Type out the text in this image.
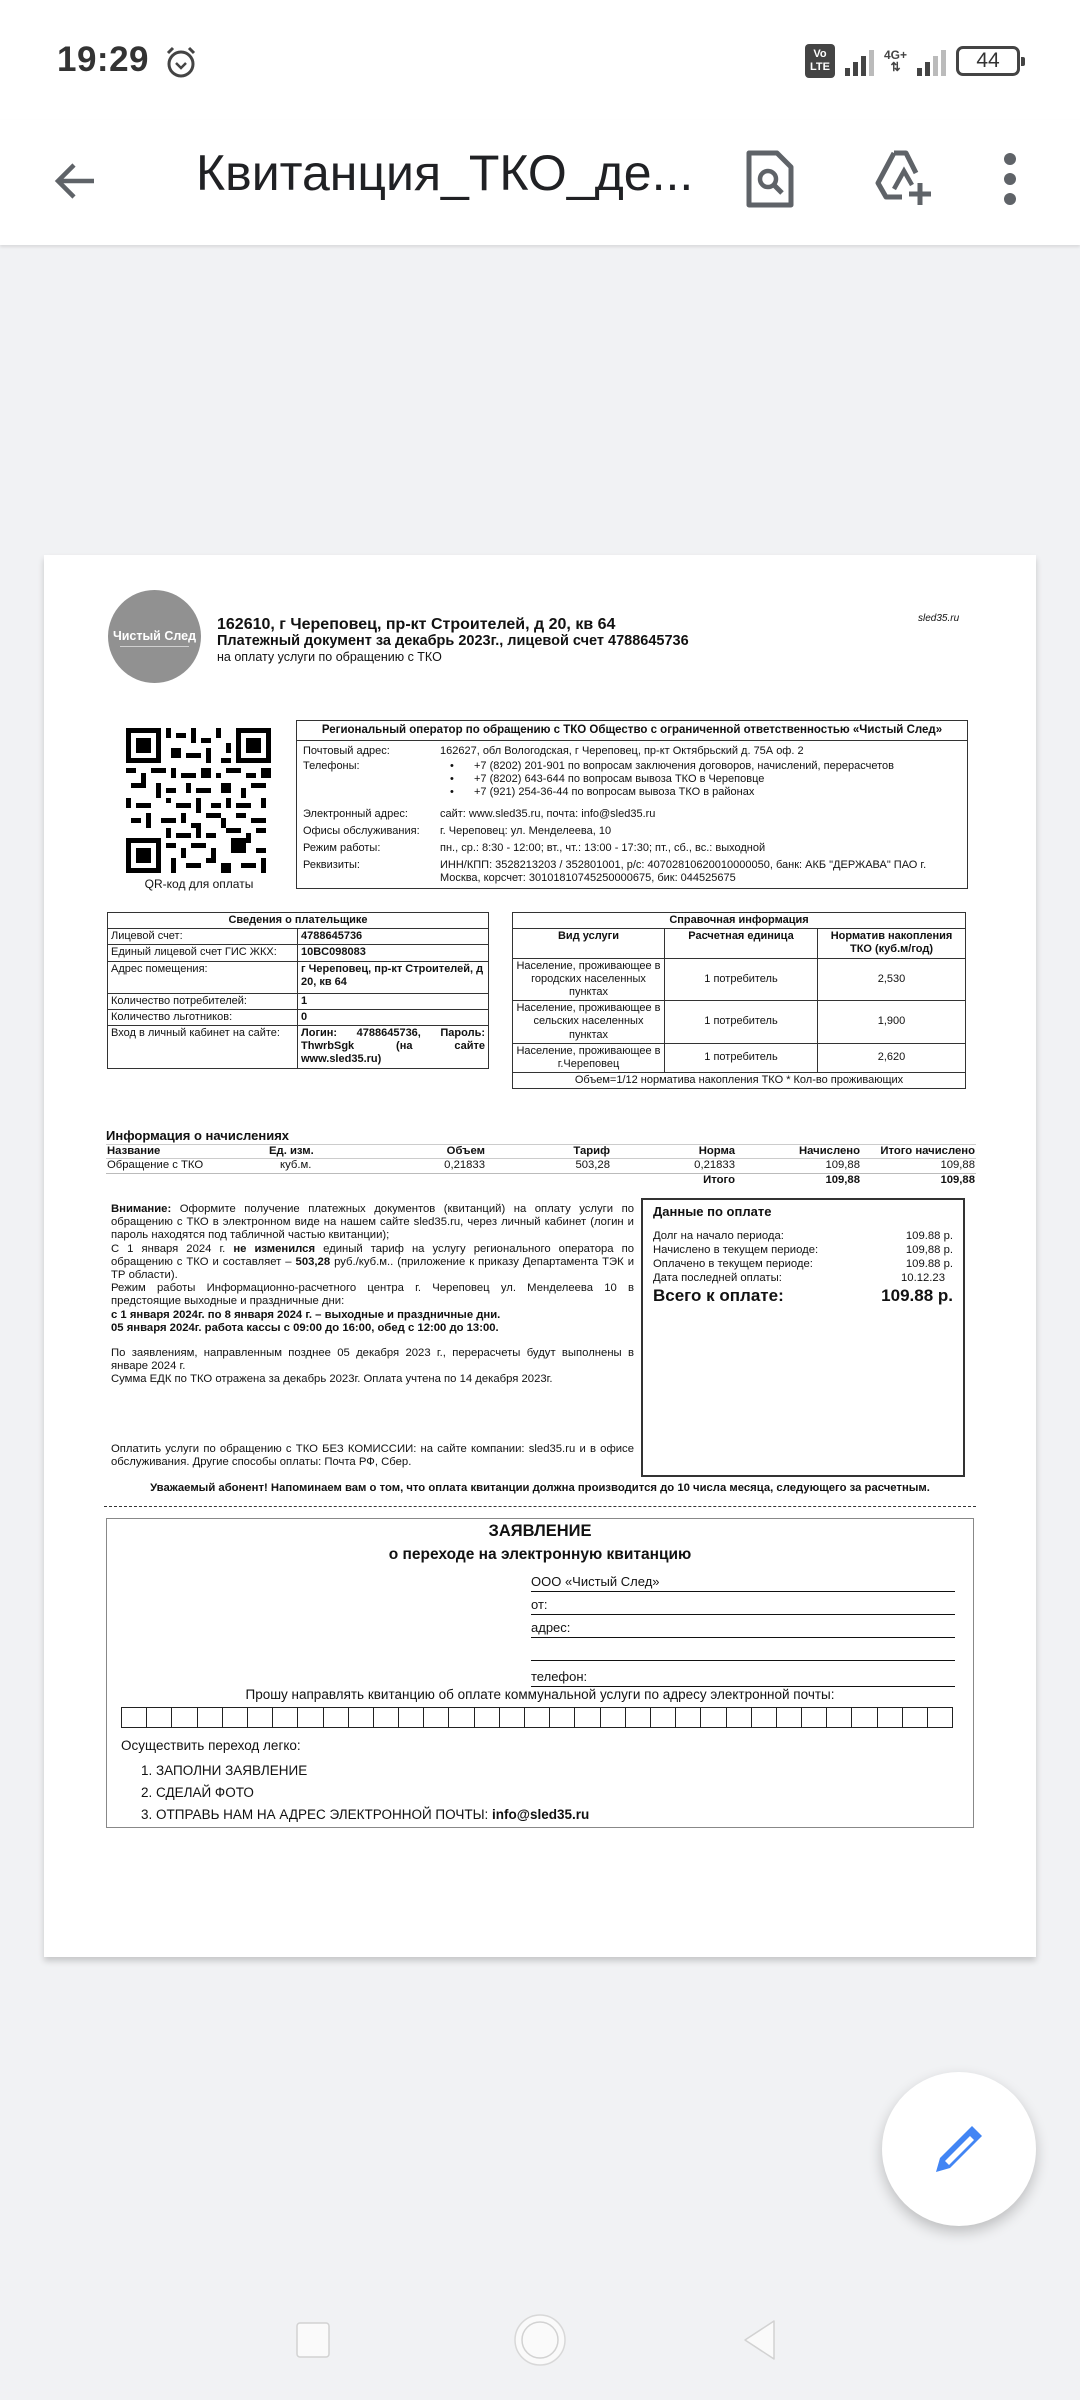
19:29	Vo
LTE
4G+
⇅	44
Квитанция_ТКО_де...
Чистый След
162610, г Череповец, пр-кт Строителей, д 20, кв 64
Платежный документ за декабрь 2023г., лицевой счет 4788645736
на оплату услуги по обращению с ТКО
sled35.ru
QR-код для оплаты
Региональный оператор по обращению с ТКО Общество с ограниченной ответственностью «Чистый След»
Почтовый адрес:	162627, обл Вологодская, г Череповец, пр-кт Октябрьский д. 75А оф. 2
Телефоны:	• +7 (8202) 201-901 по вопросам заключения договоров, начислений, перерасчетов
• +7 (8202) 643-644 по вопросам вывоза ТКО в Череповце
• +7 (921) 254-36-44 по вопросам вывоза ТКО в районах
Электронный адрес:	сайт: www.sled35.ru, почта: info@sled35.ru
Офисы обслуживания:	г. Череповец: ул. Менделеева, 10
Режим работы:	пн., ср.: 8:30 - 12:00; вт., чт.: 13:00 - 17:30; пт., сб., вс.: выходной
Реквизиты:	ИНН/КПП: 3528213203 / 352801001, р/с: 40702810620010000050, банк: АКБ "ДЕРЖАВА" ПАО г. Москва, корсчет: 30101810745250000675, бик: 044525675
Сведения о плательщике	
Лицевой счет:	4788645736
Единый лицевой счет ГИС ЖКХ:	10BC098083
Адрес помещения:	г Череповец, пр-кт Строителей, д 20, кв 64
Количество потребителей:	1
Количество льготников:	0
Вход в личный кабинет на сайте:	Логин: 4788645736, Пароль: ThwrbSgk (на сайте www.sled35.ru)
Справочная информация		
Вид услуги	Расчетная единица	Норматив накопления ТКО (куб.м/год)
Население, проживающее в городских населенных пунктах	1 потребитель	2,530
Население, проживающее в сельских населенных пунктах	1 потребитель	1,900
Население, проживающее в г.Череповец	1 потребитель	2,620
Объем=1/12 норматива накопления ТКО * Кол-во проживающих		
Информация о начислениях
Название	Ед. изм.	Объем	Тариф	Норма	Начислено	Итого начислено
Обращение с ТКО	куб.м.	0,21833	503,28	0,21833	109,88	109,88
				Итого	109,88	109,88

Внимание: Оформите получение платежных документов (квитанций) на оплату услуги по обращению с ТКО в электронном виде на нашем сайте sled35.ru, через личный кабинет (логин и пароль находятся под табличной частью квитанции);

С 1 января 2024 г. не изменился единый тариф на услугу регионального оператора по обращению с ТКО и составляет – 503,28 руб./куб.м.. (приложение к приказу Департамента ТЭК и ТР области).

Режим работы Информационно-расчетного центра г. Череповец ул. Менделеева 10 в предстоящие выходные и праздничные дни:

с 1 января 2024г. по 8 января 2024 г. – выходные и праздничные дни.

05 января 2024г. работа кассы с 09:00 до 16:00, обед с 12:00 до 13:00.

По заявлениям, направленным позднее 05 декабря 2023 г., перерасчеты будут выполнены в январе 2024 г.

Сумма ЕДК по ТКО отражена за декабрь 2023г. Оплата учтена по 14 декабря 2023г.

Оплатить услуги по обращению с ТКО БЕЗ КОМИССИИ: на сайте компании: sled35.ru и в офисе обслуживания. Другие способы оплаты: Почта РФ, Сбер.
Данные по оплате
Долг на начало периода:	109.88 р.
Начислено в текущем периоде:	109,88 р.
Оплачено в текущем периоде:	109.88 р.
Дата последней оплаты:	10.12.23
Всего к оплате:	109.88 р.
Уважаемый абонент! Напоминаем вам о том, что оплата квитанции должна производится до 10 числа месяца, следующего за расчетным.
ЗАЯВЛЕНИЕ
о переходе на электронную квитанцию
ООО «Чистый След»
от:
адрес:
телефон:
Прошу направлять квитанцию об оплате коммунальной услуги по адресу электронной почты:
Осуществить переход легко:
1. ЗАПОЛНИ ЗАЯВЛЕНИЕ
2. СДЕЛАЙ ФОТО
3. ОТПРАВЬ НАМ НА АДРЕС ЭЛЕКТРОННОЙ ПОЧТЫ: info@sled35.ru
